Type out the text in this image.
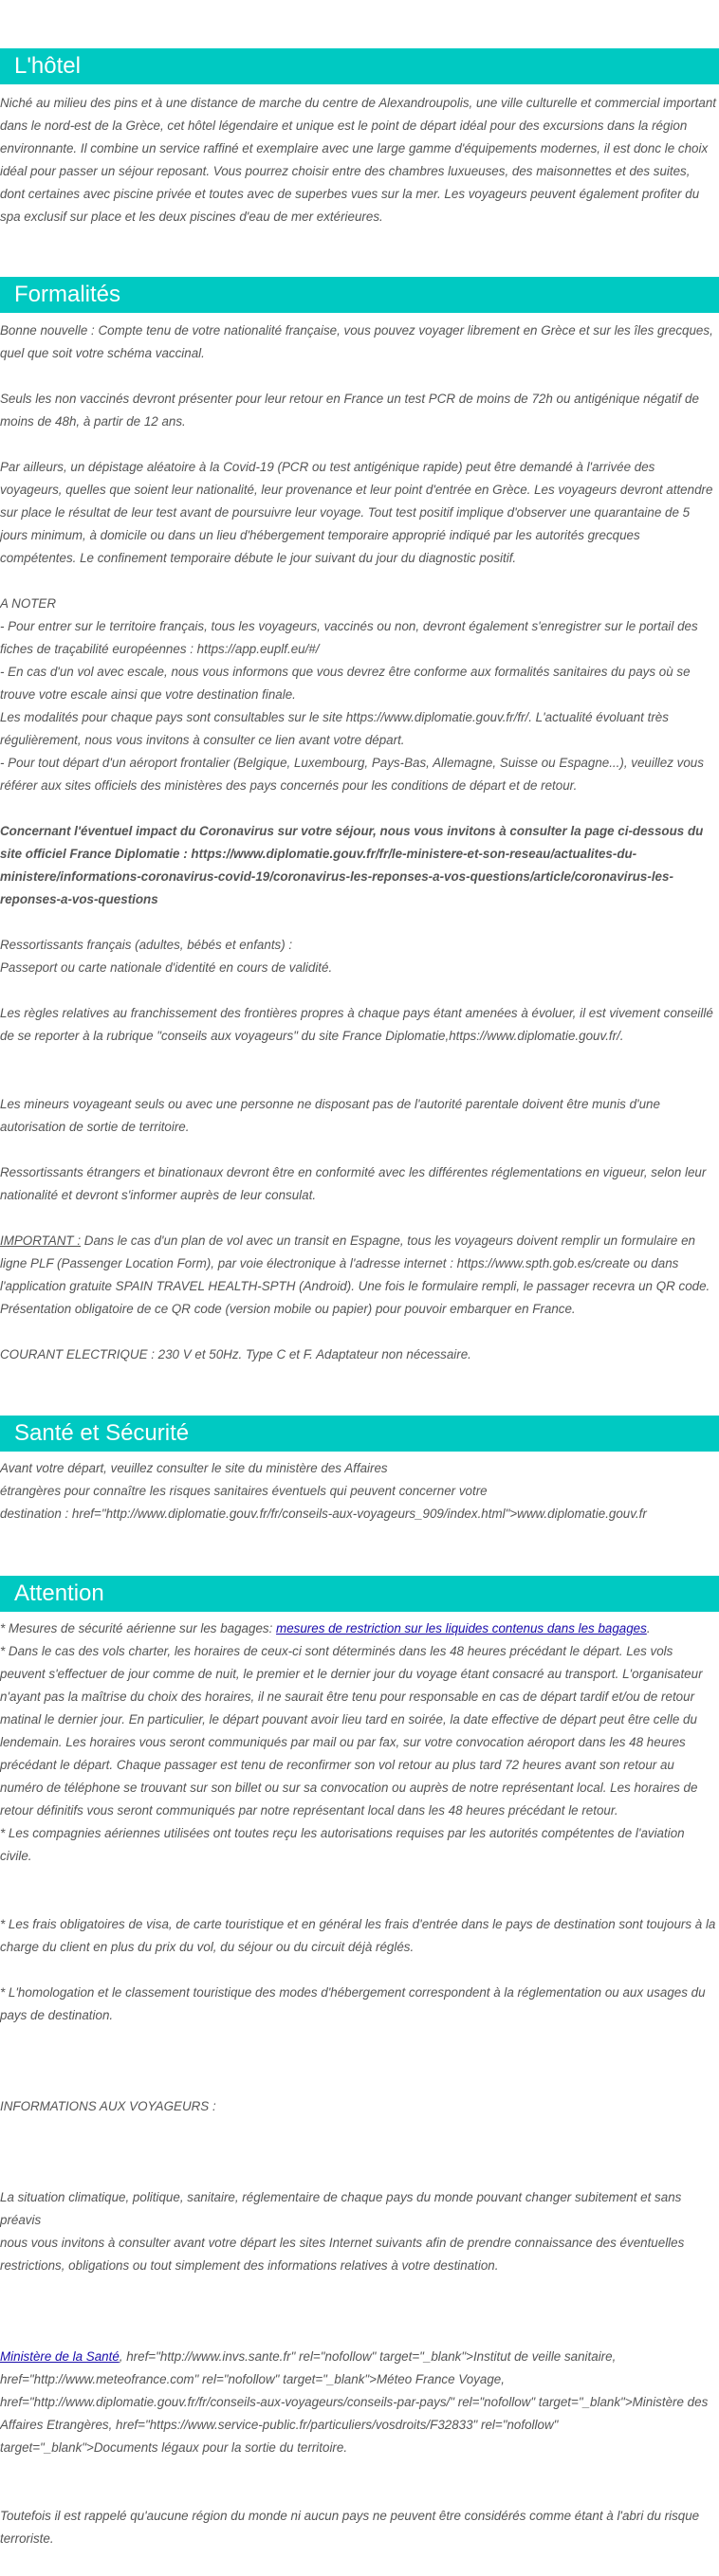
L'hôtel

Niché au milieu des pins et à une distance de marche du centre de Alexandroupolis, une ville culturelle et commercial important dans le nord-est de la Grèce, cet hôtel légendaire et unique est le point de départ idéal pour des excursions dans la région environnante. Il combine un service raffiné et exemplaire avec une large gamme d'équipements modernes, il est donc le choix idéal pour passer un séjour reposant. Vous pourrez choisir entre des chambres luxueuses, des maisonnettes et des suites, dont certaines avec piscine privée et toutes avec de superbes vues sur la mer. Les voyageurs peuvent également profiter du spa exclusif sur place et les deux piscines d'eau de mer extérieures.

Formalités

Bonne nouvelle : Compte tenu de votre nationalité française, vous pouvez voyager librement en Grèce et sur les îles grecques, quel que soit votre schéma vaccinal.

Seuls les non vaccinés devront présenter pour leur retour en France un test PCR de moins de 72h ou antigénique négatif de moins de 48h, à partir de 12 ans.

Par ailleurs, un dépistage aléatoire à la Covid-19 (PCR ou test antigénique rapide) peut être demandé à l'arrivée des voyageurs, quelles que soient leur nationalité, leur provenance et leur point d'entrée en Grèce. Les voyageurs devront attendre sur place le résultat de leur test avant de poursuivre leur voyage. Tout test positif implique d'observer une quarantaine de 5 jours minimum, à domicile ou dans un lieu d'hébergement temporaire approprié indiqué par les autorités grecques compétentes. Le confinement temporaire débute le jour suivant du jour du diagnostic positif.

A NOTER

- Pour entrer sur le territoire français, tous les voyageurs, vaccinés ou non, devront également s'enregistrer sur le portail des fiches de traçabilité européennes : https://app.euplf.eu/#/

- En cas d'un vol avec escale, nous vous informons que vous devrez être conforme aux formalités sanitaires du pays où se trouve votre escale ainsi que votre destination finale.

Les modalités pour chaque pays sont consultables sur le site https://www.diplomatie.gouv.fr/fr/. L'actualité évoluant très régulièrement, nous vous invitons à consulter ce lien avant votre départ.

- Pour tout départ d'un aéroport frontalier (Belgique, Luxembourg, Pays-Bas, Allemagne, Suisse ou Espagne...), veuillez vous référer aux sites officiels des ministères des pays concernés pour les conditions de départ et de retour.

Concernant l'éventuel impact du Coronavirus sur votre séjour, nous vous invitons à consulter la page ci-dessous du site officiel France Diplomatie : https://www.diplomatie.gouv.fr/fr/le-ministere-et-son-reseau/actualites-du-ministere/informations-coronavirus-covid-19/coronavirus-les-reponses-a-vos-questions/article/coronavirus-les-reponses-a-vos-questions

Ressortissants français (adultes, bébés et enfants) :

Passeport ou carte nationale d'identité en cours de validité.

Les règles relatives au franchissement des frontières propres à chaque pays étant amenées à évoluer, il est vivement conseillé de se reporter à la rubrique "conseils aux voyageurs" du site France Diplomatie,https://www.diplomatie.gouv.fr/.

Les mineurs voyageant seuls ou avec une personne ne disposant pas de l'autorité parentale doivent être munis d'une autorisation de sortie de territoire.

Ressortissants étrangers et binationaux devront être en conformité avec les différentes réglementations en vigueur, selon leur nationalité et devront s'informer auprès de leur consulat.

IMPORTANT : Dans le cas d'un plan de vol avec un transit en Espagne, tous les voyageurs doivent remplir un formulaire en ligne PLF (Passenger Location Form), par voie électronique à l'adresse internet : https://www.spth.gob.es/create ou dans l'application gratuite SPAIN TRAVEL HEALTH-SPTH (Android). Une fois le formulaire rempli, le passager recevra un QR code. Présentation obligatoire de ce QR code (version mobile ou papier) pour pouvoir embarquer en France.

COURANT ELECTRIQUE : 230 V et 50Hz. Type C et F. Adaptateur non nécessaire.

Santé et Sécurité

Avant votre départ, veuillez consulter le site du ministère des Affaires

étrangères pour connaître les risques sanitaires éventuels qui peuvent concerner votre

destination : href="http://www.diplomatie.gouv.fr/fr/conseils-aux-voyageurs_909/index.html">www.diplomatie.gouv.fr

Attention

* Mesures de sécurité aérienne sur les bagages: mesures de restriction sur les liquides contenus dans les bagages.

* Dans le cas des vols charter, les horaires de ceux-ci sont déterminés dans les 48 heures précédant le départ. Les vols peuvent s'effectuer de jour comme de nuit, le premier et le dernier jour du voyage étant consacré au transport. L'organisateur n'ayant pas la maîtrise du choix des horaires, il ne saurait être tenu pour responsable en cas de départ tardif et/ou de retour matinal le dernier jour. En particulier, le départ pouvant avoir lieu tard en soirée, la date effective de départ peut être celle du lendemain. Les horaires vous seront communiqués par mail ou par fax, sur votre convocation aéroport dans les 48 heures précédant le départ. Chaque passager est tenu de reconfirmer son vol retour au plus tard 72 heures avant son retour au numéro de téléphone se trouvant sur son billet ou sur sa convocation ou auprès de notre représentant local. Les horaires de retour définitifs vous seront communiqués par notre représentant local dans les 48 heures précédant le retour.

* Les compagnies aériennes utilisées ont toutes reçu les autorisations requises par les autorités compétentes de l'aviation civile.

* Les frais obligatoires de visa, de carte touristique et en général les frais d'entrée dans le pays de destination sont toujours à la charge du client en plus du prix du vol, du séjour ou du circuit déjà réglés.

* L'homologation et le classement touristique des modes d'hébergement correspondent à la réglementation ou aux usages du pays de destination.

INFORMATIONS AUX VOYAGEURS :

La situation climatique, politique, sanitaire, réglementaire de chaque pays du monde pouvant changer subitement et sans préavis

nous vous invitons à consulter avant votre départ les sites Internet suivants afin de prendre connaissance des éventuelles restrictions, obligations ou tout simplement des informations relatives à votre destination.

Ministère de la Santé, href="http://www.invs.sante.fr" rel="nofollow" target="_blank">Institut de veille sanitaire, href="http://www.meteofrance.com" rel="nofollow" target="_blank">Méteo France Voyage, href="http://www.diplomatie.gouv.fr/fr/conseils-aux-voyageurs/conseils-par-pays/" rel="nofollow" target="_blank">Ministère des Affaires Etrangères, href="https://www.service-public.fr/particuliers/vosdroits/F32833" rel="nofollow" target="_blank">Documents légaux pour la sortie du territoire.

Toutefois il est rappelé qu'aucune région du monde ni aucun pays ne peuvent être considérés comme étant à l'abri du risque terroriste.
